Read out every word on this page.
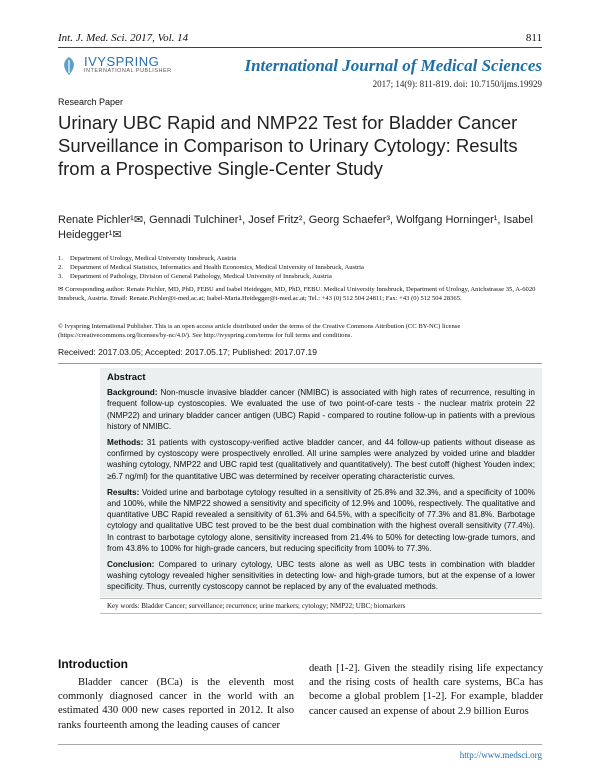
Int. J. Med. Sci. 2017, Vol. 14	811
IVYSPRING
INTERNATIONAL PUBLISHER	International Journal of Medical Sciences
2017; 14(9): 811-819. doi: 10.7150/ijms.19929
Research Paper
Urinary UBC Rapid and NMP22 Test for Bladder Cancer Surveillance in Comparison to Urinary Cytology: Results from a Prospective Single-Center Study
Renate Pichler¹✉, Gennadi Tulchiner¹, Josef Fritz², Georg Schaefer³, Wolfgang Horninger¹, Isabel Heidegger¹✉
1.	Department of Urology, Medical University Innsbruck, Austria
2.	Department of Medical Statistics, Informatics and Health Economics, Medical University of Innsbruck, Austria
3.	Department of Pathology, Division of General Pathology, Medical University of Innsbruck, Austria
✉ Corresponding author: Renate Pichler, MD, PhD, FEBU and Isabel Heidegger, MD, PhD, FEBU. Medical University Innsbruck, Department of Urology, Anichstrasse 35, A-6020 Innsbruck, Austria. Email: Renate.Pichler@i-med.ac.at; Isabel-Maria.Heidegger@i-med.ac.at; Tel.: +43 (0) 512 504 24811; Fax: +43 (0) 512 504 28365.
© Ivyspring International Publisher. This is an open access article distributed under the terms of the Creative Commons Attribution (CC BY-NC) license (https://creativecommons.org/licenses/by-nc/4.0/). See http://ivyspring.com/terms for full terms and conditions.
Received: 2017.03.05; Accepted: 2017.05.17; Published: 2017.07.19
Abstract

Background: Non-muscle invasive bladder cancer (NMIBC) is associated with high rates of recurrence, resulting in frequent follow-up cystoscopies. We evaluated the use of two point-of-care tests - the nuclear matrix protein 22 (NMP22) and urinary bladder cancer antigen (UBC) Rapid - compared to routine follow-up in patients with a previous history of NMIBC.

Methods: 31 patients with cystoscopy-verified active bladder cancer, and 44 follow-up patients without disease as confirmed by cystoscopy were prospectively enrolled. All urine samples were analyzed by voided urine and bladder washing cytology, NMP22 and UBC rapid test (qualitatively and quantitatively). The best cutoff (highest Youden index; ≥6.7 ng/ml) for the quantitative UBC was determined by receiver operating characteristic curves.

Results: Voided urine and barbotage cytology resulted in a sensitivity of 25.8% and 32.3%, and a specificity of 100% and 100%, while the NMP22 showed a sensitivity and specificity of 12.9% and 100%, respectively. The qualitative and quantitative UBC Rapid revealed a sensitivity of 61.3% and 64.5%, with a specificity of 77.3% and 81.8%. Barbotage cytology and qualitative UBC test proved to be the best dual combination with the highest overall sensitivity (77.4%). In contrast to barbotage cytology alone, sensitivity increased from 21.4% to 50% for detecting low-grade tumors, and from 43.8% to 100% for high-grade cancers, but reducing specificity from 100% to 77.3%.

Conclusion: Compared to urinary cytology, UBC tests alone as well as UBC tests in combination with bladder washing cytology revealed higher sensitivities in detecting low- and high-grade tumors, but at the expense of a lower specificity. Thus, currently cystoscopy cannot be replaced by any of the evaluated methods.

Key words: Bladder Cancer; surveillance; recurrence; urine markers; cytology; NMP22; UBC; biomarkers
Introduction
Bladder cancer (BCa) is the eleventh most commonly diagnosed cancer in the world with an estimated 430 000 new cases reported in 2012. It also ranks fourteenth among the leading causes of cancer
death [1-2]. Given the steadily rising life expectancy and the rising costs of health care systems, BCa has become a global problem [1-2]. For example, bladder cancer caused an expense of about 2.9 billion Euros
http://www.medsci.org
